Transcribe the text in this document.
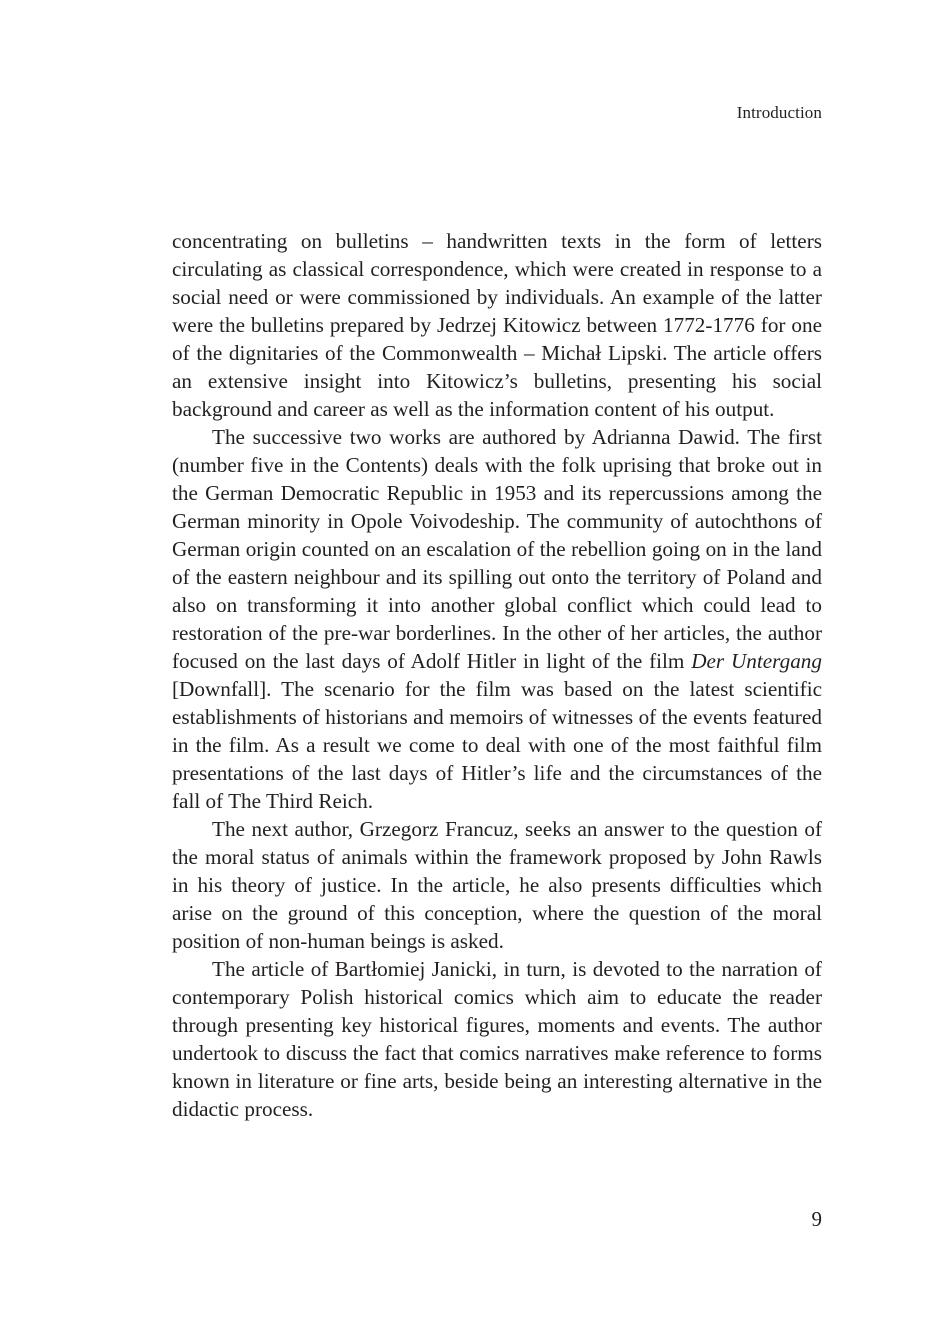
Introduction

concentrating on bulletins – handwritten texts in the form of letters circulating as classical correspondence, which were created in response to a social need or were commissioned by individuals. An example of the latter were the bulletins prepared by Jedrzej Kitowicz between 1772-1776 for one of the dignitaries of the Commonwealth – Michał Lipski. The article offers an extensive insight into Kitowicz’s bulletins, presenting his social background and career as well as the information content of his output.

The successive two works are authored by Adrianna Dawid. The first (number five in the Contents) deals with the folk uprising that broke out in the German Democratic Republic in 1953 and its repercussions among the German minority in Opole Voivodeship. The community of autochthons of German origin counted on an escalation of the rebellion going on in the land of the eastern neighbour and its spilling out onto the territory of Poland and also on transforming it into another global conflict which could lead to restoration of the pre-war borderlines. In the other of her articles, the author focused on the last days of Adolf Hitler in light of the film Der Untergang [Downfall]. The scenario for the film was based on the latest scientific establishments of historians and memoirs of witnesses of the events featured in the film. As a result we come to deal with one of the most faithful film presentations of the last days of Hitler’s life and the circumstances of the fall of The Third Reich.

The next author, Grzegorz Francuz, seeks an answer to the question of the moral status of animals within the framework proposed by John Rawls in his theory of justice. In the article, he also presents difficulties which arise on the ground of this conception, where the question of the moral position of non-human beings is asked.

The article of Bartłomiej Janicki, in turn, is devoted to the narration of contemporary Polish historical comics which aim to educate the reader through presenting key historical figures, moments and events. The author undertook to discuss the fact that comics narratives make reference to forms known in literature or fine arts, beside being an interesting alternative in the didactic process.

9
